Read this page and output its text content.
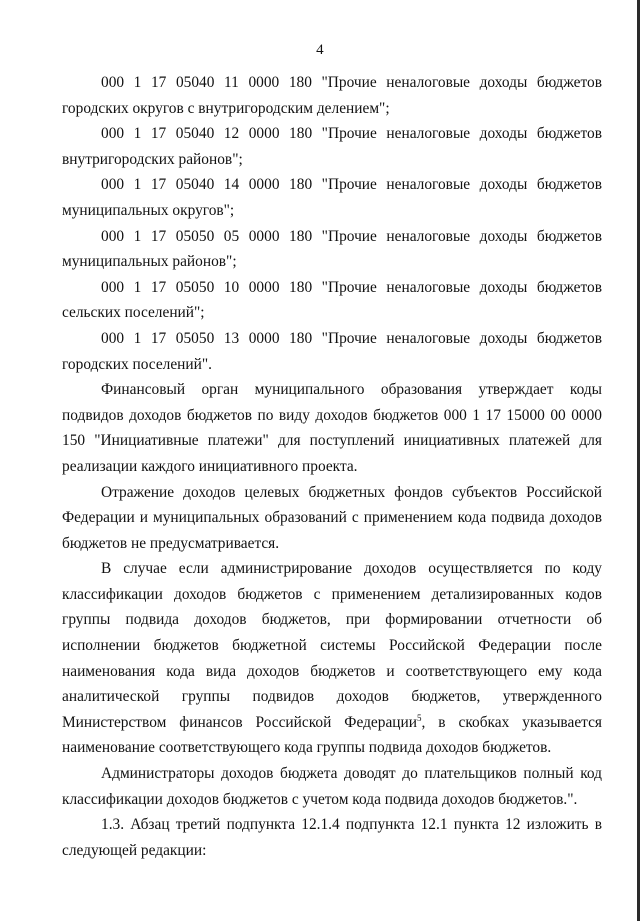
4

000 1 17 05040 11 0000 180 "Прочие неналоговые доходы бюджетов городских округов с внутригородским делением";

000 1 17 05040 12 0000 180 "Прочие неналоговые доходы бюджетов внутригородских районов";

000 1 17 05040 14 0000 180 "Прочие неналоговые доходы бюджетов муниципальных округов";

000 1 17 05050 05 0000 180 "Прочие неналоговые доходы бюджетов муниципальных районов";

000 1 17 05050 10 0000 180 "Прочие неналоговые доходы бюджетов сельских поселений";

000 1 17 05050 13 0000 180 "Прочие неналоговые доходы бюджетов городских поселений".

Финансовый орган муниципального образования утверждает коды подвидов доходов бюджетов по виду доходов бюджетов 000 1 17 15000 00 0000 150 "Инициативные платежи" для поступлений инициативных платежей для реализации каждого инициативного проекта.

Отражение доходов целевых бюджетных фондов субъектов Российской Федерации и муниципальных образований с применением кода подвида доходов бюджетов не предусматривается.

В случае если администрирование доходов осуществляется по коду классификации доходов бюджетов с применением детализированных кодов группы подвида доходов бюджетов, при формировании отчетности об исполнении бюджетов бюджетной системы Российской Федерации после наименования кода вида доходов бюджетов и соответствующего ему кода аналитической группы подвидов доходов бюджетов, утвержденного Министерством финансов Российской Федерации$^5$, в скобках указывается наименование соответствующего кода группы подвида доходов бюджетов.

Администраторы доходов бюджета доводят до плательщиков полный код классификации доходов бюджетов с учетом кода подвида доходов бюджетов.".

1.3. Абзац третий подпункта 12.1.4 подпункта 12.1 пункта 12 изложить в следующей редакции:
